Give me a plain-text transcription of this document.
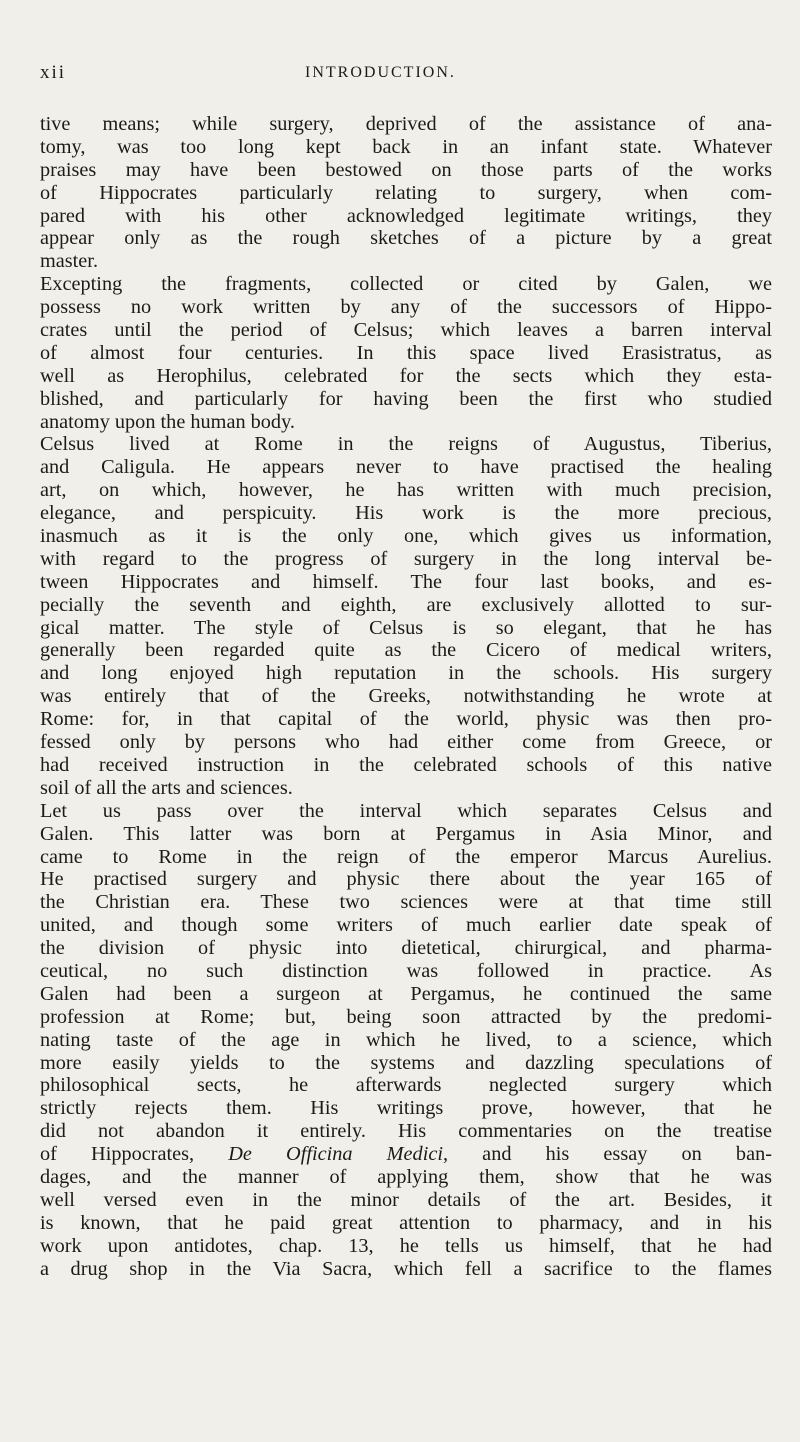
xii	INTRODUCTION.
tive means; while surgery, deprived of the assistance of ana-
tomy, was too long kept back in an infant state. Whatever
praises may have been bestowed on those parts of the works
of Hippocrates particularly relating to surgery, when com-
pared with his other acknowledged legitimate writings, they
appear only as the rough sketches of a picture by a great
master.
Excepting the fragments, collected or cited by Galen, we
possess no work written by any of the successors of Hippo-
crates until the period of Celsus; which leaves a barren interval
of almost four centuries. In this space lived Erasistratus, as
well as Herophilus, celebrated for the sects which they esta-
blished, and particularly for having been the first who studied
anatomy upon the human body.
Celsus lived at Rome in the reigns of Augustus, Tiberius,
and Caligula. He appears never to have practised the healing
art, on which, however, he has written with much precision,
elegance, and perspicuity. His work is the more precious,
inasmuch as it is the only one, which gives us information,
with regard to the progress of surgery in the long interval be-
tween Hippocrates and himself. The four last books, and es-
pecially the seventh and eighth, are exclusively allotted to sur-
gical matter. The style of Celsus is so elegant, that he has
generally been regarded quite as the Cicero of medical writers,
and long enjoyed high reputation in the schools. His surgery
was entirely that of the Greeks, notwithstanding he wrote at
Rome: for, in that capital of the world, physic was then pro-
fessed only by persons who had either come from Greece, or
had received instruction in the celebrated schools of this native
soil of all the arts and sciences.
Let us pass over the interval which separates Celsus and
Galen. This latter was born at Pergamus in Asia Minor, and
came to Rome in the reign of the emperor Marcus Aurelius.
He practised surgery and physic there about the year 165 of
the Christian era. These two sciences were at that time still
united, and though some writers of much earlier date speak of
the division of physic into dietetical, chirurgical, and pharma-
ceutical, no such distinction was followed in practice. As
Galen had been a surgeon at Pergamus, he continued the same
profession at Rome; but, being soon attracted by the predomi-
nating taste of the age in which he lived, to a science, which
more easily yields to the systems and dazzling speculations of
philosophical sects, he afterwards neglected surgery which
strictly rejects them. His writings prove, however, that he
did not abandon it entirely. His commentaries on the treatise
of Hippocrates, De Officina Medici, and his essay on ban-
dages, and the manner of applying them, show that he was
well versed even in the minor details of the art. Besides, it
is known, that he paid great attention to pharmacy, and in his
work upon antidotes, chap. 13, he tells us himself, that he had
a drug shop in the Via Sacra, which fell a sacrifice to the flames
